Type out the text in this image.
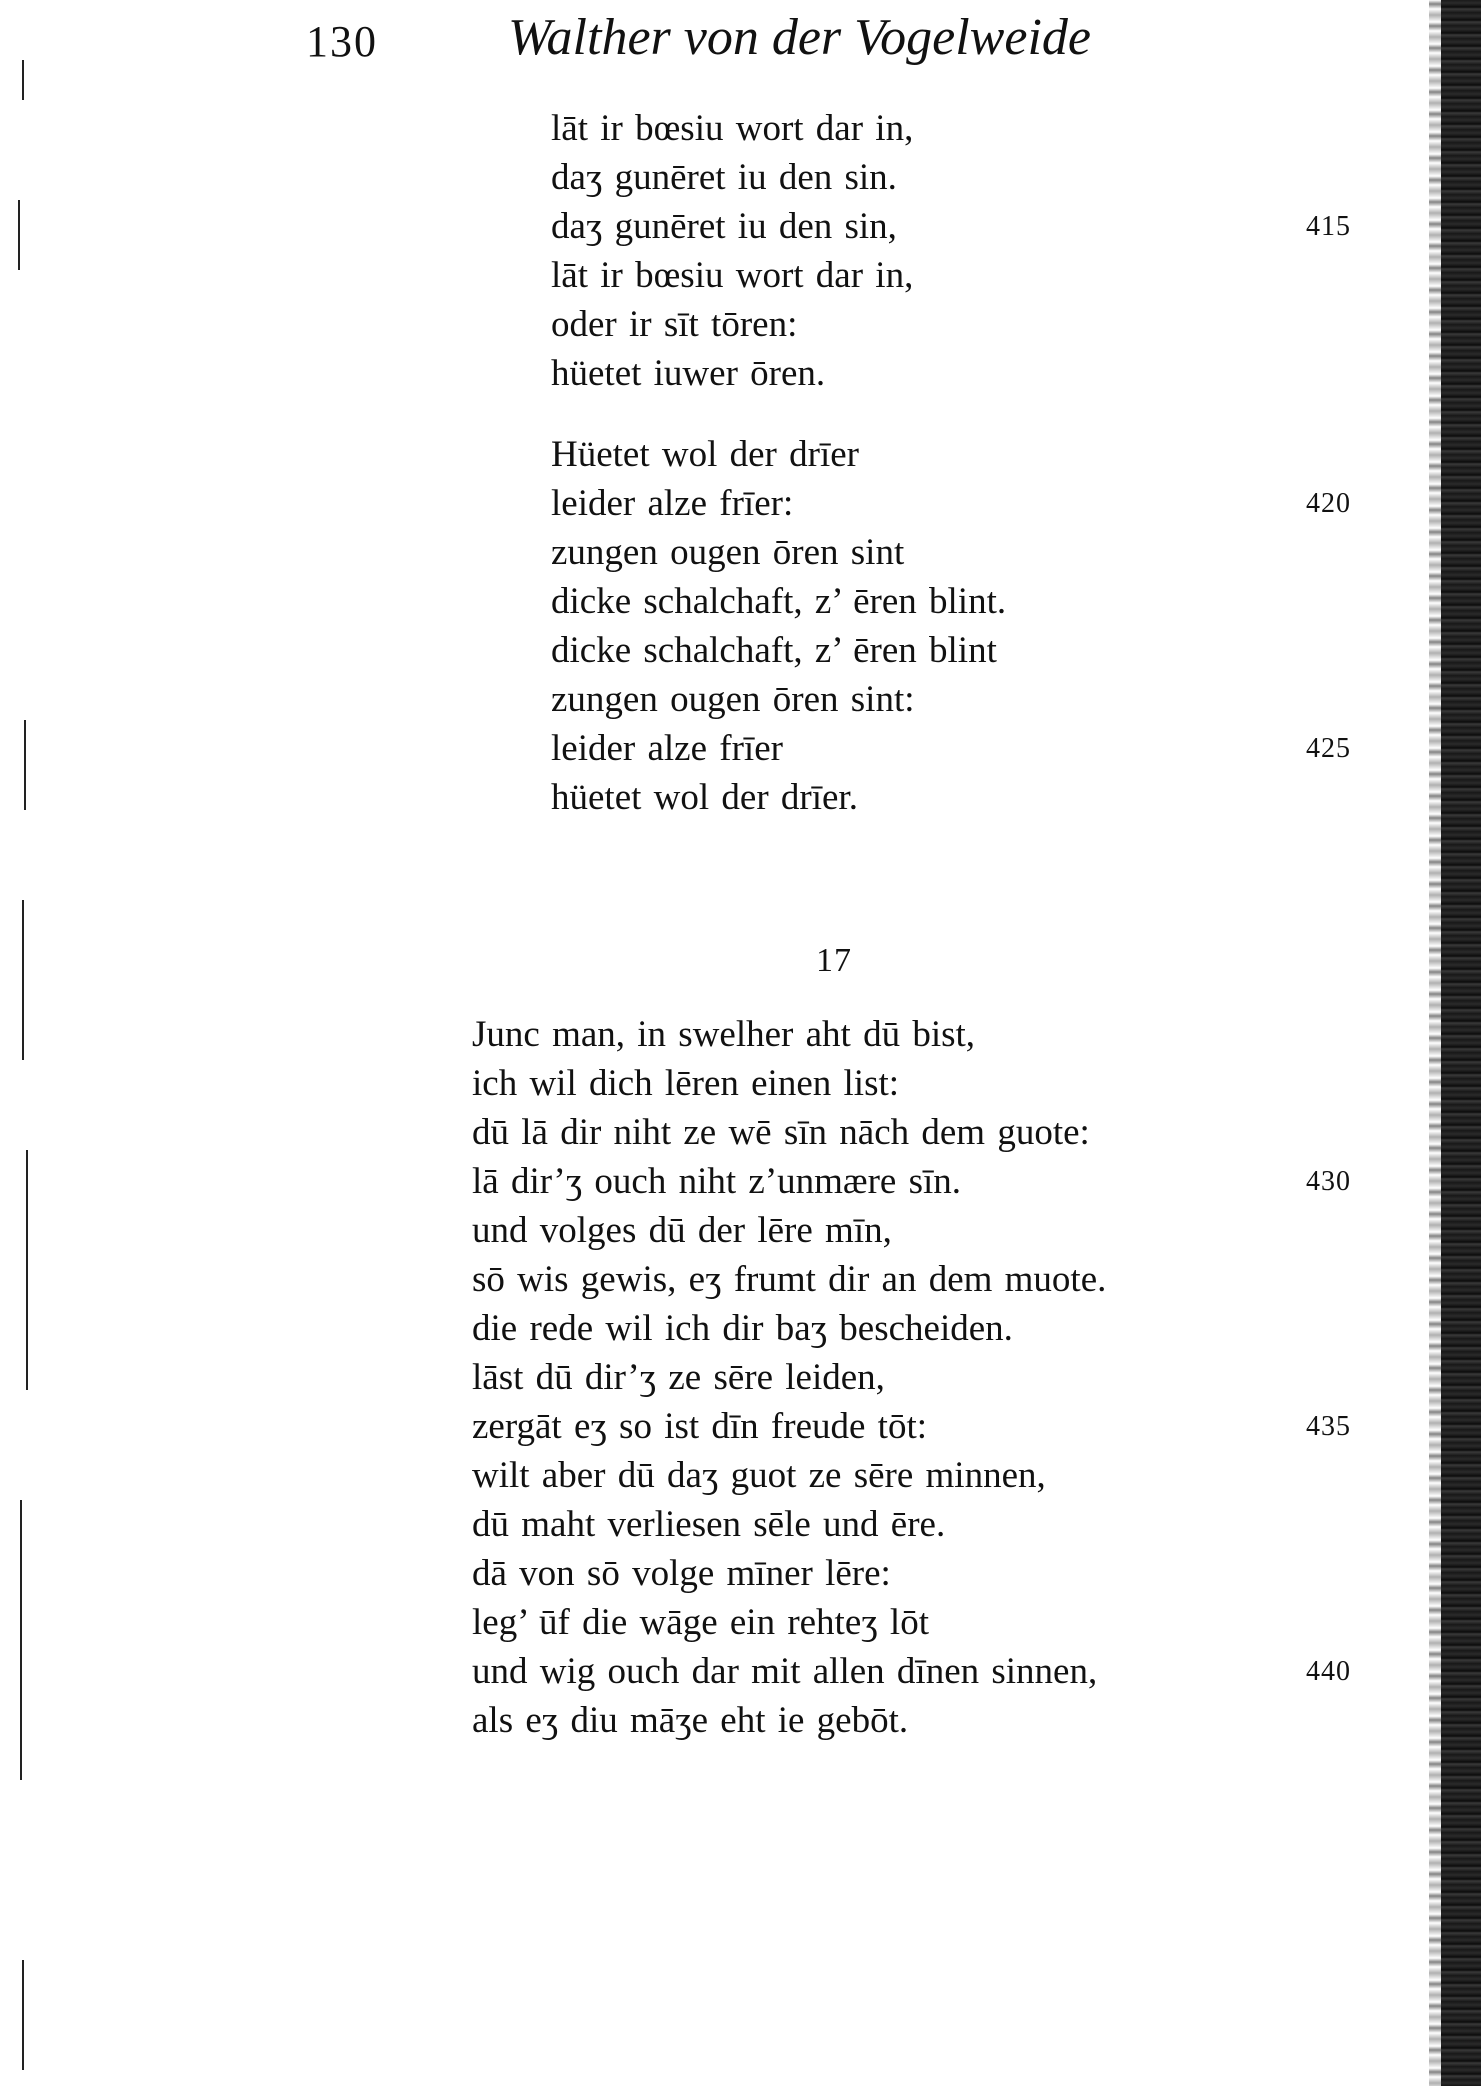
130	Walther von der Vogelweide
lāt ir bœsiu wort dar in,
daʒ gunēret iu den sin.
daʒ gunēret iu den sin,	415
lāt ir bœsiu wort dar in,
oder ir sīt tōren:
hüetet iuwer ōren.
Hüetet wol der drīer
leider alze frīer:	420
zungen ougen ōren sint
dicke schalchaft, z’ ēren blint.
dicke schalchaft, z’ ēren blint
zungen ougen ōren sint:
leider alze frīer	425
hüetet wol der drīer.
17
Junc man, in swelher aht dū bist,
ich wil dich lēren einen list:
dū lā dir niht ze wē sīn nāch dem guote:
lā dir’ʒ ouch niht z’unmære sīn.	430
und volges dū der lēre mīn,
sō wis gewis, eʒ frumt dir an dem muote.
die rede wil ich dir baʒ bescheiden.
lāst dū dir’ʒ ze sēre leiden,
zergāt eʒ so ist dīn freude tōt:	435
wilt aber dū daʒ guot ze sēre minnen,
dū maht verliesen sēle und ēre.
dā von sō volge mīner lēre:
leg’ ūf die wāge ein rehteʒ lōt
und wig ouch dar mit allen dīnen sinnen,	440
als eʒ diu māʒe eht ie gebōt.
